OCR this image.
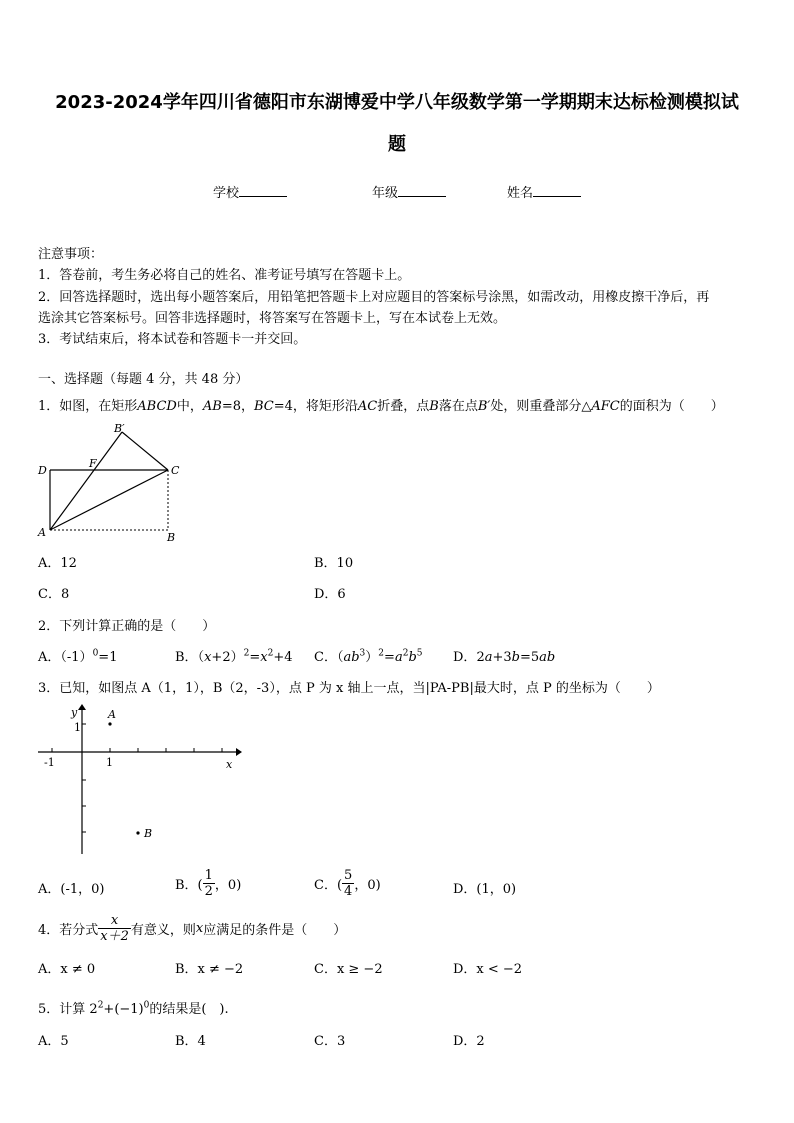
2023-2024学年四川省德阳市东湖博爱中学八年级数学第一学期期末达标检测模拟试
题
学校	年级	姓名
注意事项：
1．答卷前，考生务必将自己的姓名、准考证号填写在答题卡上。
2．回答选择题时，选出每小题答案后，用铅笔把答题卡上对应题目的答案标号涂黑，如需改动，用橡皮擦干净后，再
选涂其它答案标号。回答非选择题时，将答案写在答题卡上，写在本试卷上无效。
3．考试结束后，将本试卷和答题卡一并交回。
一、选择题（每题 4 分，共 48 分）
1．如图，在矩形ABCD中，AB=8，BC=4，将矩形沿AC折叠，点B落在点B′处，则重叠部分△AFC的面积为（　　）
B′
D
F
C
A	B
A．12	B．10
C．8	D．6
2．下列计算正确的是（　　）
A．$(-1)^0=1$	B．$(x+2)^2=x^2+4$ C．$(ab^3)^2=a^2b^5$ D．2a+3b=5ab
3．已知，如图点 A（1，1），B（2，-3），点 P 为 x 轴上一点，当|PA-PB|最大时，点 P 的坐标为（　　）
y	A
1
-1	1	x
B
A．(-1，0)	B．( $\frac{1}{2}$ ，0)	C．( $\frac{5}{4}$ ，0)	D．(1，0)
4．若分式 $\frac{x}{x+2}$ 有意义，则x应满足的条件是（　　）
A．x ≠ 0	B．x ≠ −2	C．x ≥ −2	D．x < −2
5．计算 $2^2+(-1)^0$的结果是(　).
A．5	B．4	C．3	D．2
